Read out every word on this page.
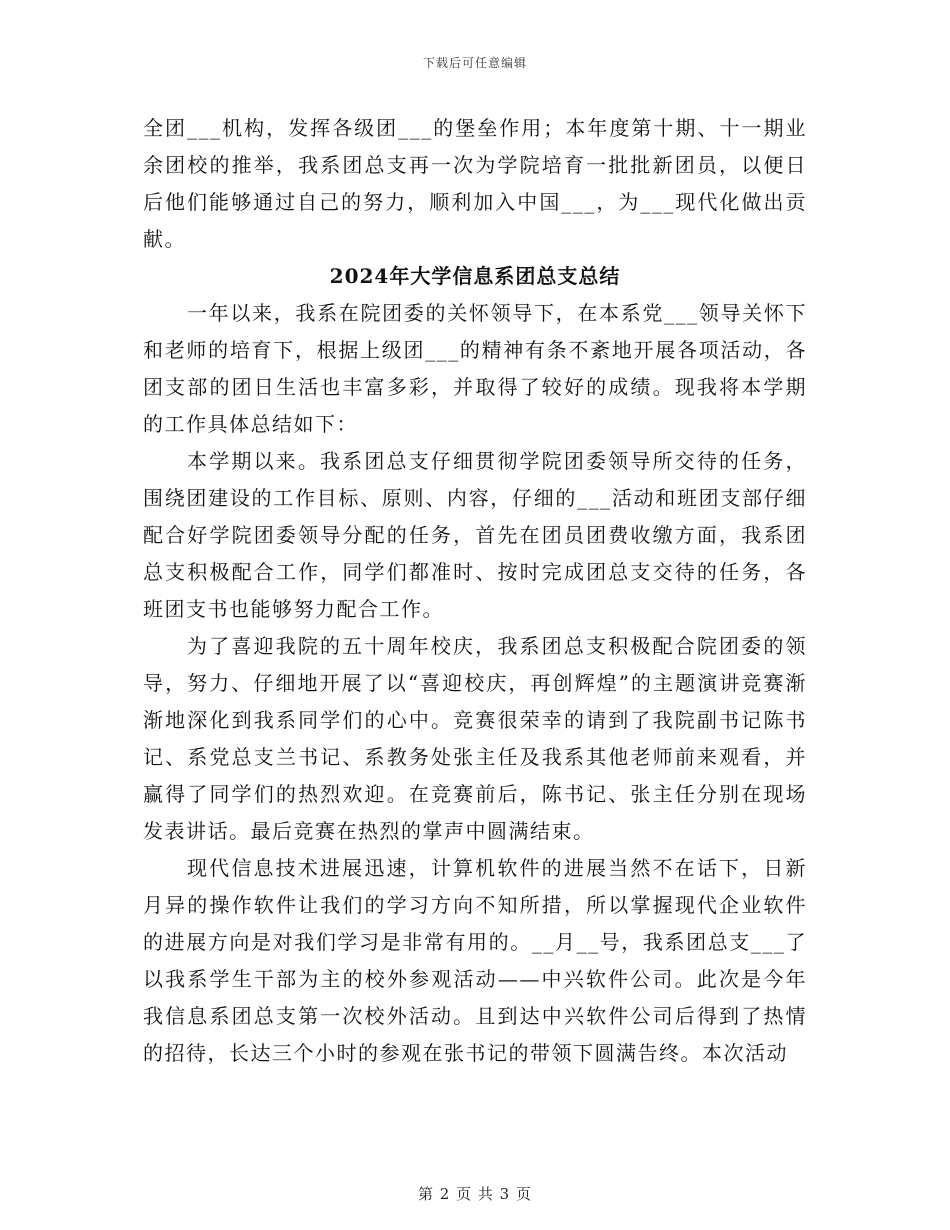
下载后可任意编辑

全团___机构，发挥各级团___的堡垒作用；本年度第十期、十一期业余团校的推举，我系团总支再一次为学院培育一批批新团员，以便日后他们能够通过自己的努力，顺利加入中国___，为___现代化做出贡献。

2024年大学信息系团总支总结

一年以来，我系在院团委的关怀领导下，在本系党___领导关怀下和老师的培育下，根据上级团___的精神有条不紊地开展各项活动，各团支部的团日生活也丰富多彩，并取得了较好的成绩。现我将本学期的工作具体总结如下：

本学期以来。我系团总支仔细贯彻学院团委领导所交待的任务，围绕团建设的工作目标、原则、内容，仔细的___活动和班团支部仔细配合好学院团委领导分配的任务，首先在团员团费收缴方面，我系团总支积极配合工作，同学们都准时、按时完成团总支交待的任务，各班团支书也能够努力配合工作。

为了喜迎我院的五十周年校庆，我系团总支积极配合院团委的领导，努力、仔细地开展了以“喜迎校庆，再创辉煌”的主题演讲竞赛渐渐地深化到我系同学们的心中。竞赛很荣幸的请到了我院副书记陈书记、系党总支兰书记、系教务处张主任及我系其他老师前来观看，并赢得了同学们的热烈欢迎。在竞赛前后，陈书记、张主任分别在现场发表讲话。最后竞赛在热烈的掌声中圆满结束。

现代信息技术进展迅速，计算机软件的进展当然不在话下，日新月异的操作软件让我们的学习方向不知所措，所以掌握现代企业软件的进展方向是对我们学习是非常有用的。__月__号，我系团总支___了以我系学生干部为主的校外参观活动——中兴软件公司。此次是今年我信息系团总支第一次校外活动。且到达中兴软件公司后得到了热情的招待，长达三个小时的参观在张书记的带领下圆满告终。本次活动

第 2 页 共 3 页
